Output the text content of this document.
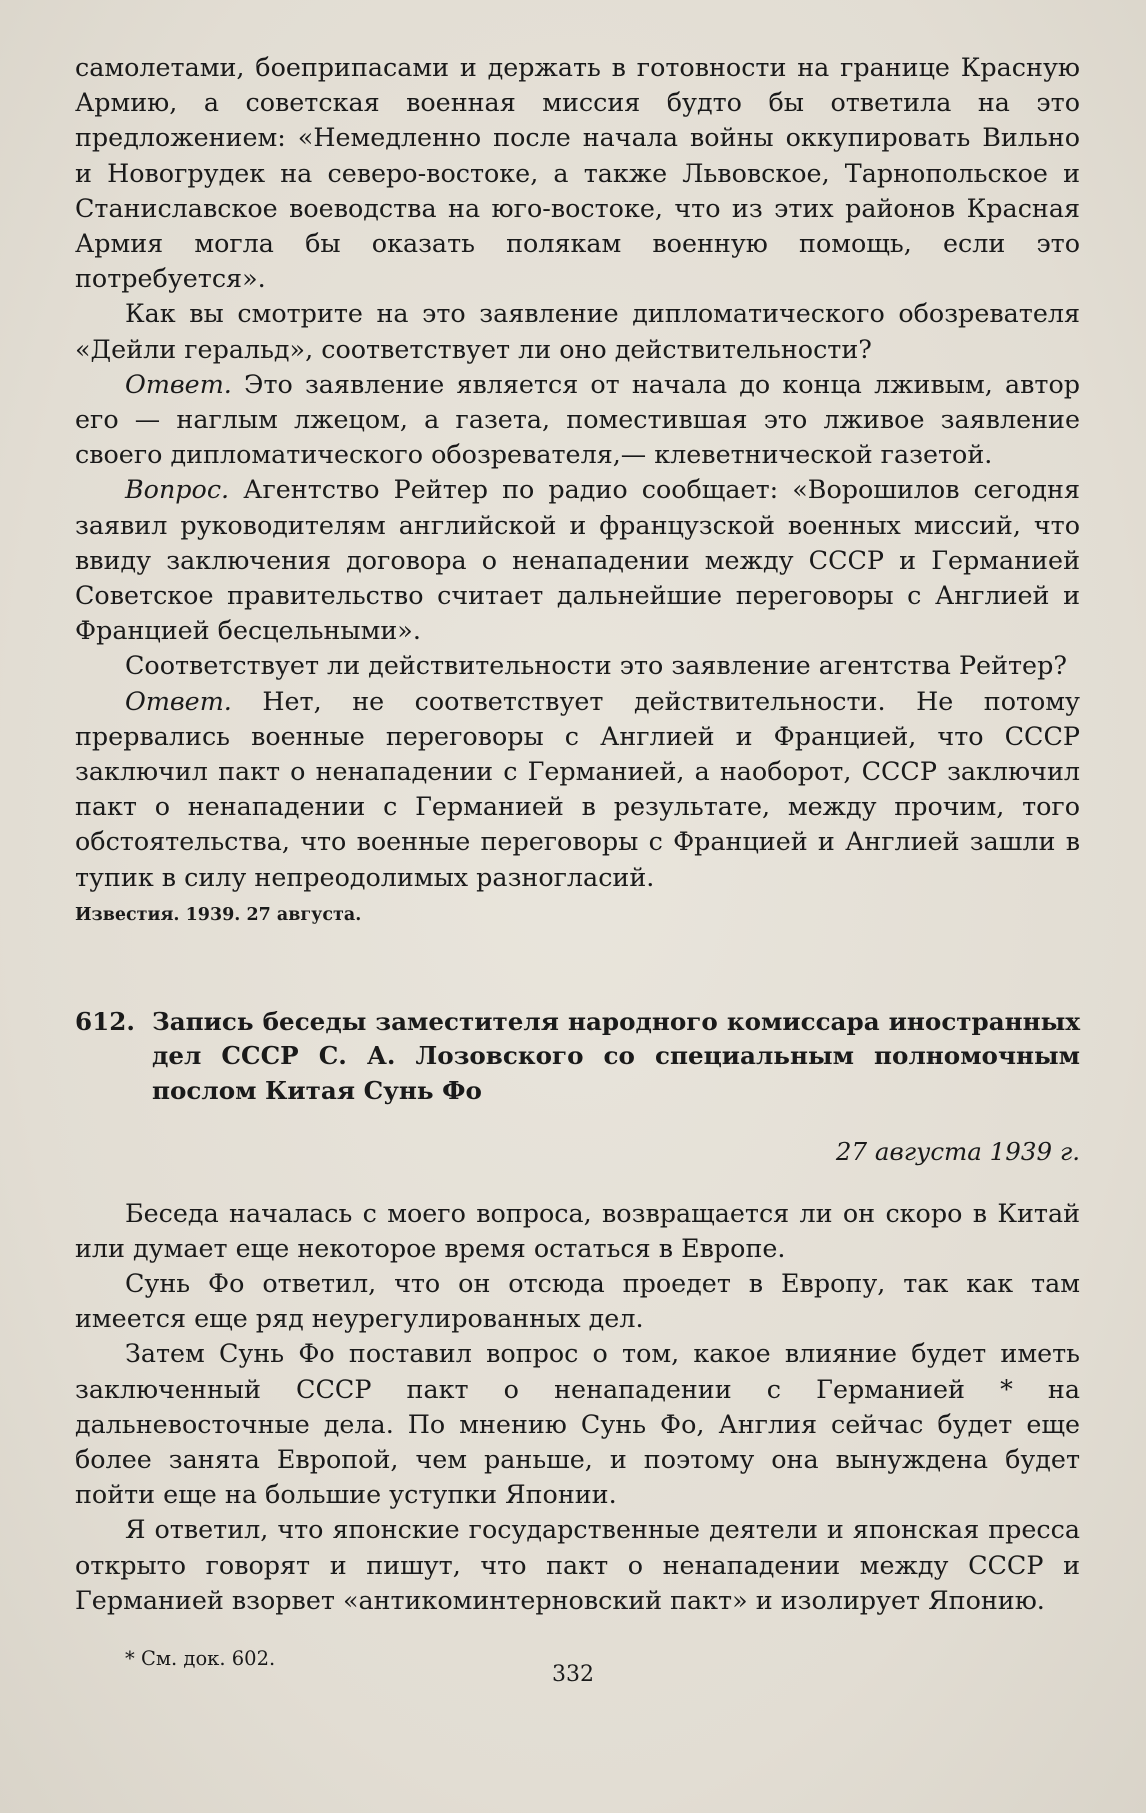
самолетами, боеприпасами и держать в готовности на границе Красную Армию, а советская военная миссия будто бы ответила на это предложением: «Немедленно после начала войны оккупировать Вильно и Новогрудек на северо-востоке, а также Львовское, Тарнопольское и Станиславское воеводства на юго-востоке, что из этих районов Красная Армия могла бы оказать полякам военную помощь, если это потребуется».

Как вы смотрите на это заявление дипломатического обозревателя «Дейли геральд», соответствует ли оно действительности?

Ответ. Это заявление является от начала до конца лживым, автор его — наглым лжецом, а газета, поместившая это лживое заявление своего дипломатического обозревателя,— клеветнической газетой.

Вопрос. Агентство Рейтер по радио сообщает: «Ворошилов сегодня заявил руководителям английской и французской военных миссий, что ввиду заключения договора о ненападении между СССР и Германией Советское правительство считает дальнейшие переговоры с Англией и Францией бесцельными».

Соответствует ли действительности это заявление агентства Рейтер?

Ответ. Нет, не соответствует действительности. Не потому прервались военные переговоры с Англией и Францией, что СССР заключил пакт о ненападении с Германией, а наоборот, СССР заключил пакт о ненападении с Германией в результате, между прочим, того обстоятельства, что военные переговоры с Францией и Англией зашли в тупик в силу непреодолимых разногласий.

Известия. 1939. 27 августа.

612. Запись беседы заместителя народного комиссара иностранных дел СССР С. А. Лозовского со специальным полномочным послом Китая Сунь Фо

27 августа 1939 г.

Беседа началась с моего вопроса, возвращается ли он скоро в Китай или думает еще некоторое время остаться в Европе.

Сунь Фо ответил, что он отсюда проедет в Европу, так как там имеется еще ряд неурегулированных дел.

Затем Сунь Фо поставил вопрос о том, какое влияние будет иметь заключенный СССР пакт о ненападении с Германией * на дальневосточные дела. По мнению Сунь Фо, Англия сейчас будет еще более занята Европой, чем раньше, и поэтому она вынуждена будет пойти еще на большие уступки Японии.

Я ответил, что японские государственные деятели и японская пресса открыто говорят и пишут, что пакт о ненападении между СССР и Германией взорвет «антикоминтерновский пакт» и изолирует Японию.

* См. док. 602.

332
